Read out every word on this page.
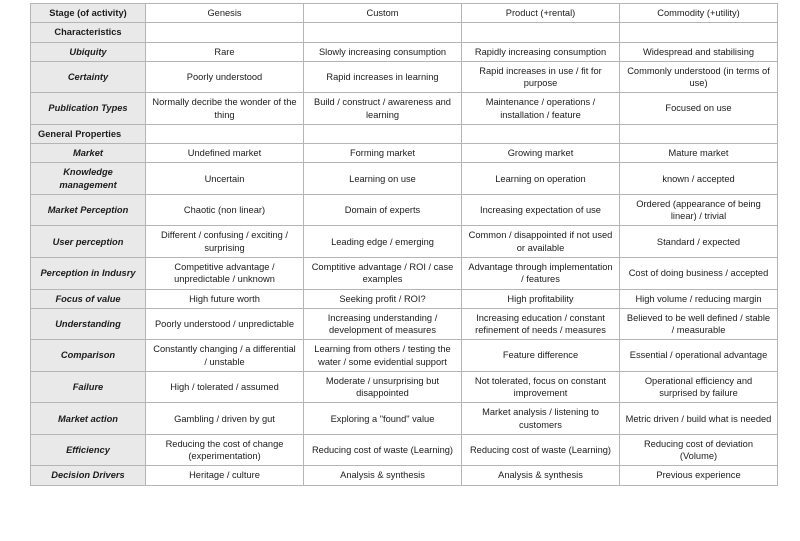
Stage (of activity)	Genesis	Custom	Product (+rental)	Commodity (+utility)
Characteristics				
Ubiquity	Rare	Slowly increasing consumption	Rapidly increasing consumption	Widespread and stabilising
Certainty	Poorly understood	Rapid increases in learning	Rapid increases in use / fit for purpose	Commonly understood (in terms of use)
Publication Types	Normally decribe the wonder of the thing	Build / construct / awareness and learning	Maintenance / operations / installation / feature	Focused on use
General Properties				
Market	Undefined market	Forming market	Growing market	Mature market
Knowledge management	Uncertain	Learning on use	Learning on operation	known / accepted
Market Perception	Chaotic (non linear)	Domain of experts	Increasing expectation of use	Ordered (appearance of being linear) / trivial
User perception	Different / confusing / exciting / surprising	Leading edge / emerging	Common / disappointed if not used or available	Standard / expected
Perception in Indusry	Competitive advantage / unpredictable / unknown	Comptitive advantage / ROI / case examples	Advantage through implementation / features	Cost of doing business / accepted
Focus of value	High future worth	Seeking profit / ROI?	High profitability	High volume / reducing margin
Understanding	Poorly understood / unpredictable	Increasing understanding / development of measures	Increasing education / constant refinement of needs / measures	Believed to be well defined / stable / measurable
Comparison	Constantly changing / a differential / unstable	Learning from others / testing the water / some evidential support	Feature difference	Essential / operational advantage
Failure	High / tolerated / assumed	Moderate / unsurprising but disappointed	Not tolerated, focus on constant improvement	Operational efficiency and surprised by failure
Market action	Gambling / driven by gut	Exploring a "found" value	Market analysis / listening to customers	Metric driven / build what is needed
Efficiency	Reducing the cost of change (experimentation)	Reducing cost of waste (Learning)	Reducing cost of waste (Learning)	Reducing cost of deviation (Volume)
Decision Drivers	Heritage / culture	Analysis & synthesis	Analysis & synthesis	Previous experience
